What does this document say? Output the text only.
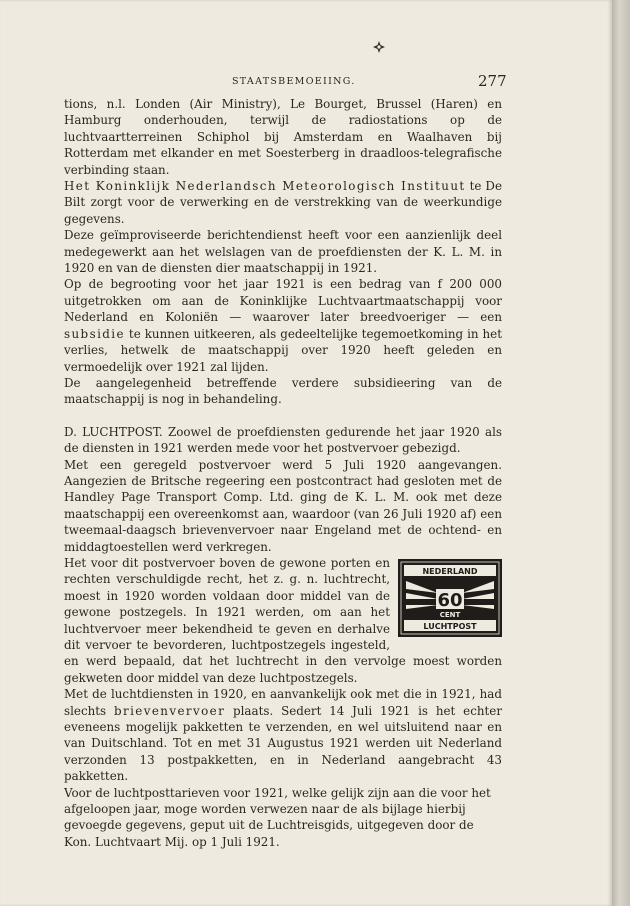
STAATSBEMOEIING.	277

tions, n.l. Londen (Air Ministry), Le Bourget, Brussel (Haren) en Hamburg onderhouden, terwijl de radiostations op de luchtvaartterreinen Schiphol bij Amsterdam en Waalhaven bij Rotterdam met elkander en met Soesterberg in draadloos-telegrafische verbinding staan.

Het Koninklijk Nederlandsch Meteorologisch Instituut te De Bilt zorgt voor de verwerking en de verstrekking van de weerkundige gegevens.

Deze geïmproviseerde berichtendienst heeft voor een aanzienlijk deel medegewerkt aan het welslagen van de proefdiensten der K. L. M. in 1920 en van de diensten dier maatschappij in 1921.

Op de begrooting voor het jaar 1921 is een bedrag van f 200 000 uitgetrokken om aan de Koninklijke Luchtvaartmaatschappij voor Nederland en Koloniën — waarover later breedvoeriger — een subsidie te kunnen uitkeeren, als gedeeltelijke tegemoetkoming in het verlies, hetwelk de maatschappij over 1920 heeft geleden en vermoedelijk over 1921 zal lijden.

De aangelegenheid betreffende verdere subsidieering van de maatschappij is nog in behandeling.

D. LUCHTPOST. Zoowel de proefdiensten gedurende het jaar 1920 als de diensten in 1921 werden mede voor het postvervoer gebezigd.

Met een geregeld postvervoer werd 5 Juli 1920 aangevangen. Aangezien de Britsche regeering een postcontract had gesloten met de Handley Page Transport Comp. Ltd. ging de K. L. M. ook met deze maatschappij een overeenkomst aan, waardoor (van 26 Juli 1920 af) een tweemaal-daagsch brievenvervoer naar Engeland met de ochtend- en middagtoestellen werd verkregen.

NEDERLAND
60
CENT
LUCHTPOST
Het voor dit postvervoer boven de gewone porten en rechten verschuldigde recht, het z. g. n. luchtrecht, moest in 1920 worden voldaan door middel van de gewone postzegels. In 1921 werden, om aan het luchtvervoer meer bekendheid te geven en derhalve dit vervoer te bevorderen, luchtpostzegels ingesteld, en werd bepaald, dat het luchtrecht in den vervolge moest worden gekweten door middel van deze luchtpostzegels.

Met de luchtdiensten in 1920, en aanvankelijk ook met die in 1921, had slechts brievenvervoer plaats. Sedert 14 Juli 1921 is het echter eveneens mogelijk pakketten te verzenden, en wel uitsluitend naar en van Duitschland. Tot en met 31 Augustus 1921 werden uit Nederland verzonden 13 postpakketten, en in Nederland aangebracht 43 pakketten.

Voor de luchtposttarieven voor 1921, welke gelijk zijn aan die voor het afgeloopen jaar, moge worden verwezen naar de als bijlage hierbij gevoegde gegevens, geput uit de Luchtreisgids, uitgegeven door de Kon. Luchtvaart Mij. op 1 Juli 1921.
